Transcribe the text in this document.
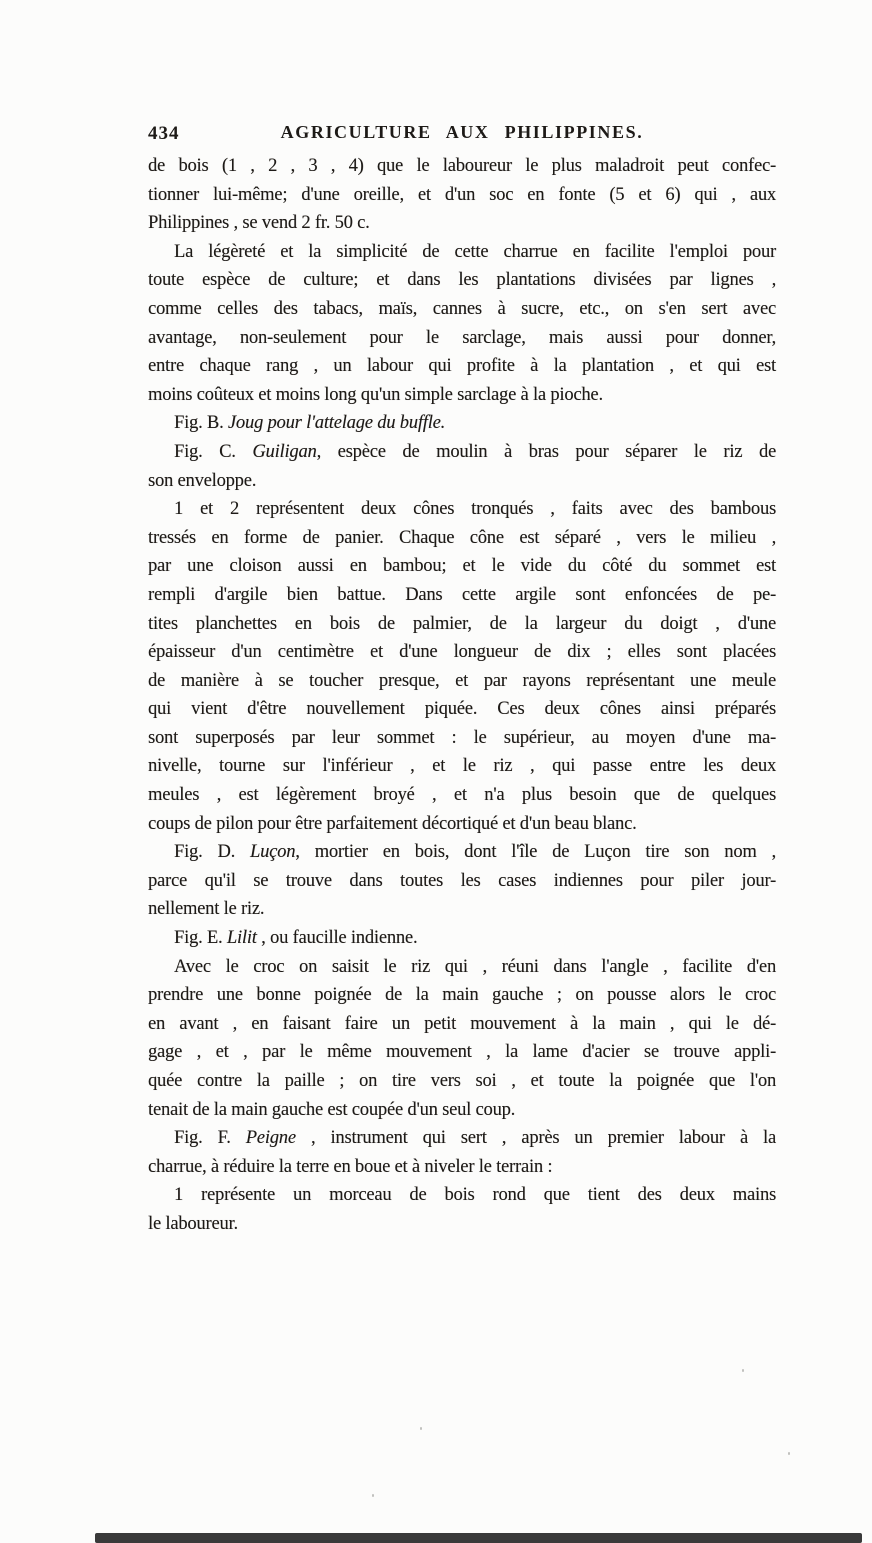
434	AGRICULTURE AUX PHILIPPINES.
de bois (1 , 2 , 3 , 4) que le laboureur le plus maladroit peut confec-
tionner lui-même; d'une oreille, et d'un soc en fonte (5 et 6) qui , aux
Philippines , se vend 2 fr. 50 c.
La légèreté et la simplicité de cette charrue en facilite l'emploi pour
toute espèce de culture; et dans les plantations divisées par lignes ,
comme celles des tabacs, maïs, cannes à sucre, etc., on s'en sert avec
avantage, non-seulement pour le sarclage, mais aussi pour donner,
entre chaque rang , un labour qui profite à la plantation , et qui est
moins coûteux et moins long qu'un simple sarclage à la pioche.
Fig. B. Joug pour l'attelage du buffle.
Fig. C. Guiligan, espèce de moulin à bras pour séparer le riz de
son enveloppe.
1 et 2 représentent deux cônes tronqués , faits avec des bambous
tressés en forme de panier. Chaque cône est séparé , vers le milieu ,
par une cloison aussi en bambou; et le vide du côté du sommet est
rempli d'argile bien battue. Dans cette argile sont enfoncées de pe-
tites planchettes en bois de palmier, de la largeur du doigt , d'une
épaisseur d'un centimètre et d'une longueur de dix ; elles sont placées
de manière à se toucher presque, et par rayons représentant une meule
qui vient d'être nouvellement piquée. Ces deux cônes ainsi préparés
sont superposés par leur sommet : le supérieur, au moyen d'une ma-
nivelle, tourne sur l'inférieur , et le riz , qui passe entre les deux
meules , est légèrement broyé , et n'a plus besoin que de quelques
coups de pilon pour être parfaitement décortiqué et d'un beau blanc.
Fig. D. Luçon, mortier en bois, dont l'île de Luçon tire son nom ,
parce qu'il se trouve dans toutes les cases indiennes pour piler jour-
nellement le riz.
Fig. E. Lilit , ou faucille indienne.
Avec le croc on saisit le riz qui , réuni dans l'angle , facilite d'en
prendre une bonne poignée de la main gauche ; on pousse alors le croc
en avant , en faisant faire un petit mouvement à la main , qui le dé-
gage , et , par le même mouvement , la lame d'acier se trouve appli-
quée contre la paille ; on tire vers soi , et toute la poignée que l'on
tenait de la main gauche est coupée d'un seul coup.
Fig. F. Peigne , instrument qui sert , après un premier labour à la
charrue, à réduire la terre en boue et à niveler le terrain :
1 représente un morceau de bois rond que tient des deux mains
le laboureur.
